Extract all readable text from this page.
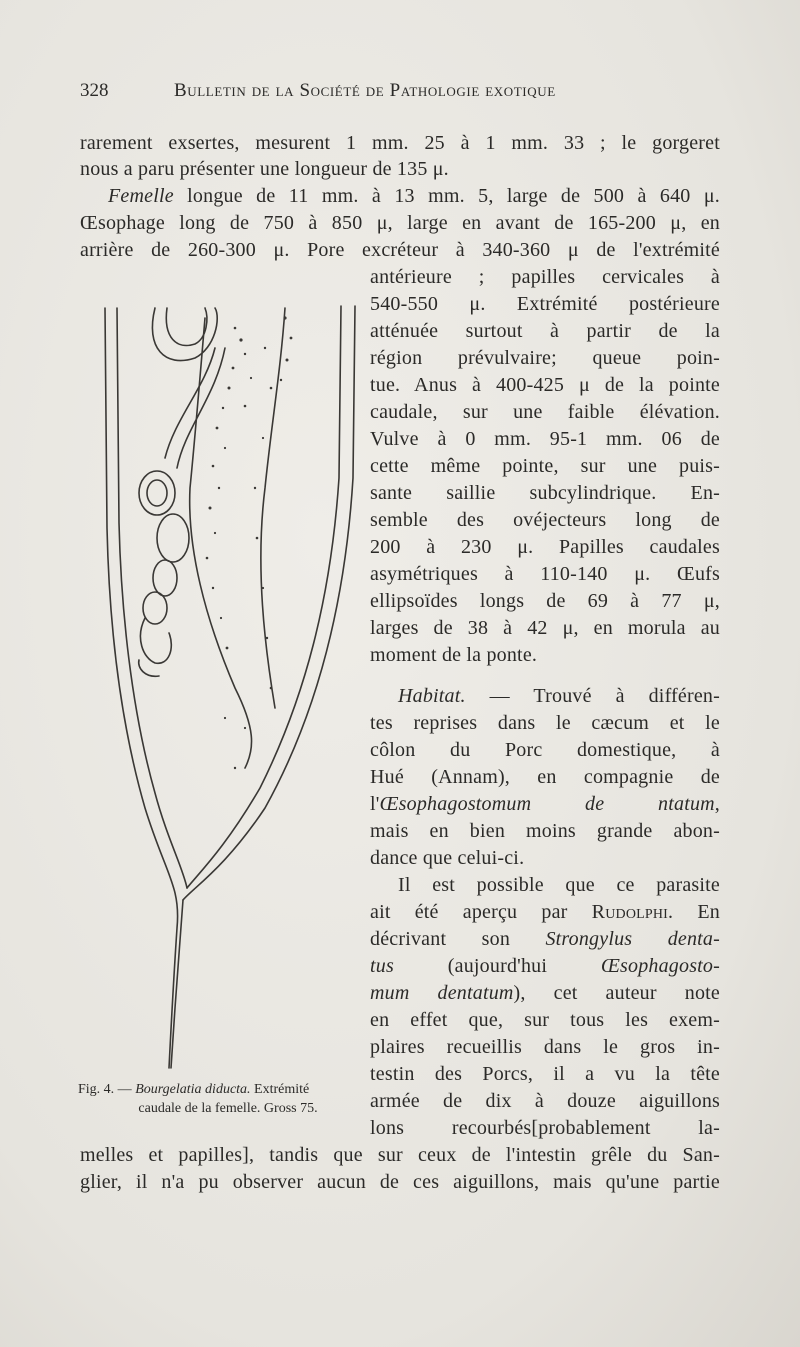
328	Bulletin de la Société de Pathologie exotique
rarement exsertes, mesurent 1 mm. 25 à 1 mm. 33 ; le gorgeret
nous a paru présenter une longueur de 135 μ.
Femelle longue de 11 mm. à 13 mm. 5, large de 500 à 640 μ.
Œsophage long de 750 à 850 μ, large en avant de 165-200 μ, en
arrière de 260-300 μ. Pore excréteur à 340-360 μ de l'extrémité
antérieure ; papilles cervicales à
540-550 μ. Extrémité postérieure
atténuée surtout à partir de la
région prévulvaire; queue poin-
tue. Anus à 400-425 μ de la pointe
caudale, sur une faible élévation.
Vulve à 0 mm. 95-1 mm. 06 de
cette même pointe, sur une puis-
sante saillie subcylindrique. En-
semble des ovéjecteurs long de
200 à 230 μ. Papilles caudales
asymétriques à 110-140 μ. Œufs
ellipsoïdes longs de 69 à 77 μ,
larges de 38 à 42 μ, en morula au
moment de la ponte.
Habitat. — Trouvé à différen-
tes reprises dans le cæcum et le
côlon du Porc domestique, à
Hué (Annam), en compagnie de
l'Œsophagostomum de ntatum,
mais en bien moins grande abon-
dance que celui-ci.
Il est possible que ce parasite
ait été aperçu par Rudolphi. En
décrivant son Strongylus denta-
tus (aujourd'hui Œsophagosto-
mum dentatum), cet auteur note
en effet que, sur tous les exem-
plaires recueillis dans le gros in-
testin des Porcs, il a vu la tête
armée de dix à douze aiguillons
lons recourbés[probablement la-
melles et papilles], tandis que sur ceux de l'intestin grêle du San-
glier, il n'a pu observer aucun de ces aiguillons, mais qu'une partie
Fig. 4. — Bourgelatia diducta. Extrémité
caudale de la femelle. Gross 75.
